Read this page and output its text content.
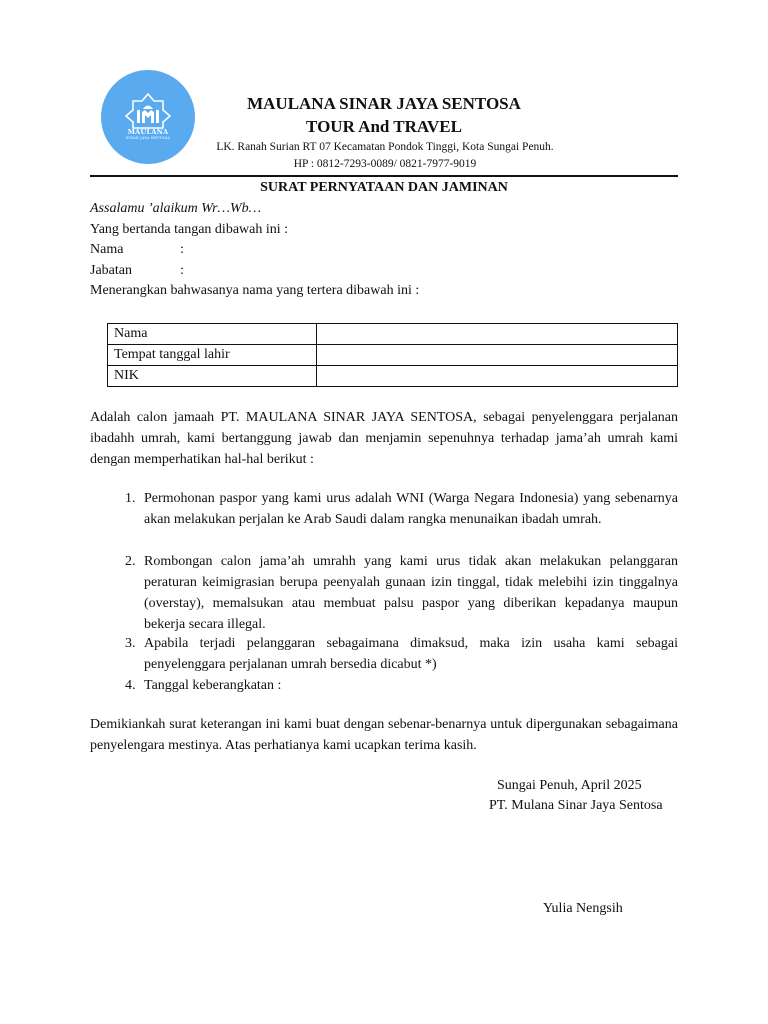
MAULANA
SINAR JAYA SENTOSA
MAULANA SINAR JAYA SENTOSA
TOUR And TRAVEL
LK. Ranah Surian RT 07 Kecamatan Pondok Tinggi, Kota Sungai Penuh.
HP : 0812-7293-0089/ 0821-7977-9019
SURAT PERNYATAAN DAN JAMINAN
Assalamu ’alaikum Wr…Wb…
Yang bertanda tangan dibawah ini :
Nama	:
Jabatan	:
Menerangkan bahwasanya nama yang tertera dibawah ini :
Nama	
Tempat tanggal lahir	
NIK	
Adalah calon jamaah PT. MAULANA SINAR JAYA SENTOSA, sebagai penyelenggara perjalanan ibadahh umrah, kami bertanggung jawab dan menjamin sepenuhnya terhadap jama’ah umrah kami dengan memperhatikan hal-hal berikut :
1. Permohonan paspor yang kami urus adalah WNI (Warga Negara Indonesia) yang sebenarnya akan melakukan perjalan ke Arab Saudi dalam rangka menunaikan ibadah umrah.
2. Rombongan calon jama’ah umrahh yang kami urus tidak akan melakukan pelanggaran peraturan keimigrasian berupa peenyalah gunaan izin tinggal, tidak melebihi izin tinggalnya (overstay), memalsukan atau membuat palsu paspor yang diberikan kepadanya maupun bekerja secara illegal.
3. Apabila terjadi pelanggaran sebagaimana dimaksud, maka izin usaha kami sebagai penyelenggara perjalanan umrah bersedia dicabut *)
4. Tanggal keberangkatan :
Demikiankah surat keterangan ini kami buat dengan sebenar-benarnya untuk dipergunakan sebagaimana penyelengara mestinya. Atas perhatianya kami ucapkan terima kasih.
Sungai Penuh, April 2025
PT. Mulana Sinar Jaya Sentosa
Yulia Nengsih
